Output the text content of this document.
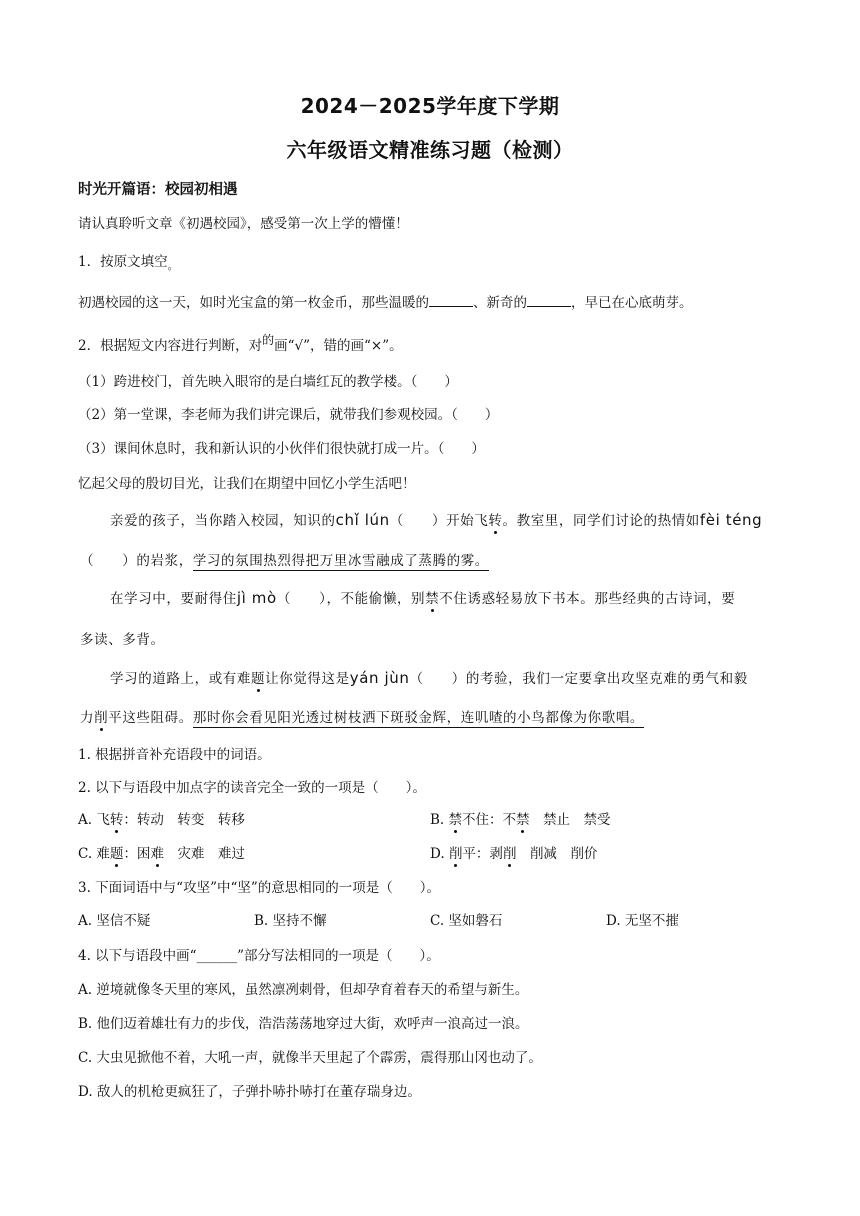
2024－2025学年度下学期
六年级语文精准练习题（检测）
时光开篇语：校园初相遇
请认真聆听文章《初遇校园》，感受第一次上学的懵懂！
1．按原文填空$_。$
初遇校园的这一天，如时光宝盒的第一枚金币，那些温暖的	、新奇的	，早已在心底萌芽。
2．根据短文内容进行判断，对的画“√”，错的画“×”。
（1）跨进校门，首先映入眼帘的是白墙红瓦的教学楼。（　　）
（2）第一堂课，李老师为我们讲完课后，就带我们参观校园。（　　）
（3）课间休息时，我和新认识的小伙伴们很快就打成一片。（　　）
忆起父母的殷切目光，让我们在期望中回忆小学生活吧！
亲爱的孩子，当你踏入校园，知识的chǐ lún（　　）开始飞转。教室里，同学们讨论的热情如fèi téng
（　　）的岩浆，学习的氛围热烈得把万里冰雪融成了蒸腾的雾。
在学习中，要耐得住jì mò（　　），不能偷懒，别禁不住诱惑轻易放下书本。那些经典的古诗词，要
多读、多背。
学习的道路上，或有难题让你觉得这是yán jùn（　　）的考验，我们一定要拿出攻坚克难的勇气和毅
力削平这些阻碍。那时你会看见阳光透过树枝洒下斑驳金辉，连叽喳的小鸟都像为你歌唱。
1. 根据拼音补充语段中的词语。
2. 以下与语段中加点字的读音完全一致的一项是（　　）。
A. 飞转：转动　 转变　 转移	B. 禁不住：不禁　 禁止　 禁受
C. 难题：困难　 灾难　 难过	D. 削平：剥削　 削减　 削价
3. 下面词语中与“攻坚”中“坚”的意思相同的一项是（　　）。
A. 坚信不疑	B. 坚持不懈	C. 坚如磐石	D. 无坚不摧
4. 以下与语段中画“______”部分写法相同的一项是（　　）。
A. 逆境就像冬天里的寒风，虽然凛冽刺骨，但却孕育着春天的希望与新生。
B. 他们迈着雄壮有力的步伐，浩浩荡荡地穿过大街，欢呼声一浪高过一浪。
C. 大虫见掀他不着，大吼一声，就像半天里起了个霹雳，震得那山冈也动了。
D. 敌人的机枪更疯狂了，子弹扑哧扑哧打在董存瑞身边。
